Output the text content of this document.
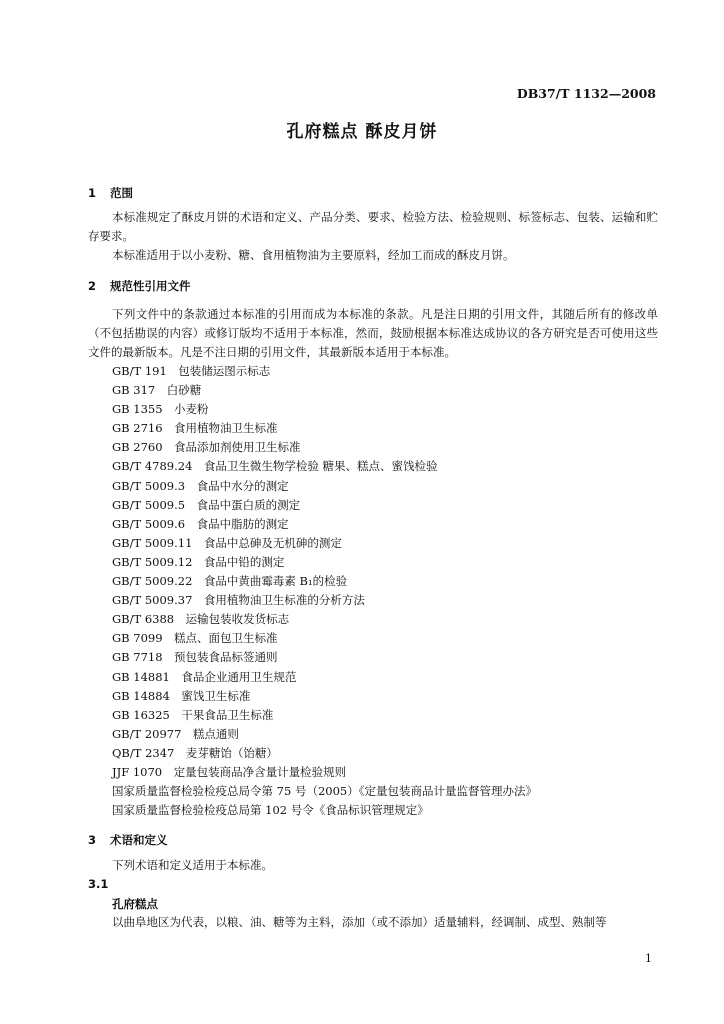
DB37/T 1132—2008
孔府糕点 酥皮月饼
1 范围

本标准规定了酥皮月饼的术语和定义、产品分类、要求、检验方法、检验规则、标签标志、包装、运输和贮存要求。

本标准适用于以小麦粉、糖、食用植物油为主要原料，经加工而成的酥皮月饼。

2 规范性引用文件

下列文件中的条款通过本标准的引用而成为本标准的条款。凡是注日期的引用文件，其随后所有的修改单（不包括勘误的内容）或修订版均不适用于本标准，然而，鼓励根据本标准达成协议的各方研究是否可使用这些文件的最新版本。凡是不注日期的引用文件，其最新版本适用于本标准。

GB/T 191　包装储运图示标志
GB 317　白砂糖
GB 1355　小麦粉
GB 2716　食用植物油卫生标准
GB 2760　食品添加剂使用卫生标准
GB/T 4789.24　食品卫生微生物学检验 糖果、糕点、蜜饯检验
GB/T 5009.3　食品中水分的测定
GB/T 5009.5　食品中蛋白质的测定
GB/T 5009.6　食品中脂肪的测定
GB/T 5009.11　食品中总砷及无机砷的测定
GB/T 5009.12　食品中铅的测定
GB/T 5009.22　食品中黄曲霉毒素 B₁的检验
GB/T 5009.37　食用植物油卫生标准的分析方法
GB/T 6388　运输包装收发货标志
GB 7099　糕点、面包卫生标准
GB 7718　预包装食品标签通则
GB 14881　食品企业通用卫生规范
GB 14884　蜜饯卫生标准
GB 16325　干果食品卫生标准
GB/T 20977　糕点通则
QB/T 2347　麦芽糖饴（饴糖）
JJF 1070　定量包装商品净含量计量检验规则
国家质量监督检验检疫总局令第 75 号（2005）《定量包装商品计量监督管理办法》
国家质量监督检验检疫总局第 102 号令《食品标识管理规定》
3 术语和定义

下列术语和定义适用于本标准。

3.1
孔府糕点
以曲阜地区为代表，以粮、油、糖等为主料，添加（或不添加）适量辅料，经调制、成型、熟制等
1
